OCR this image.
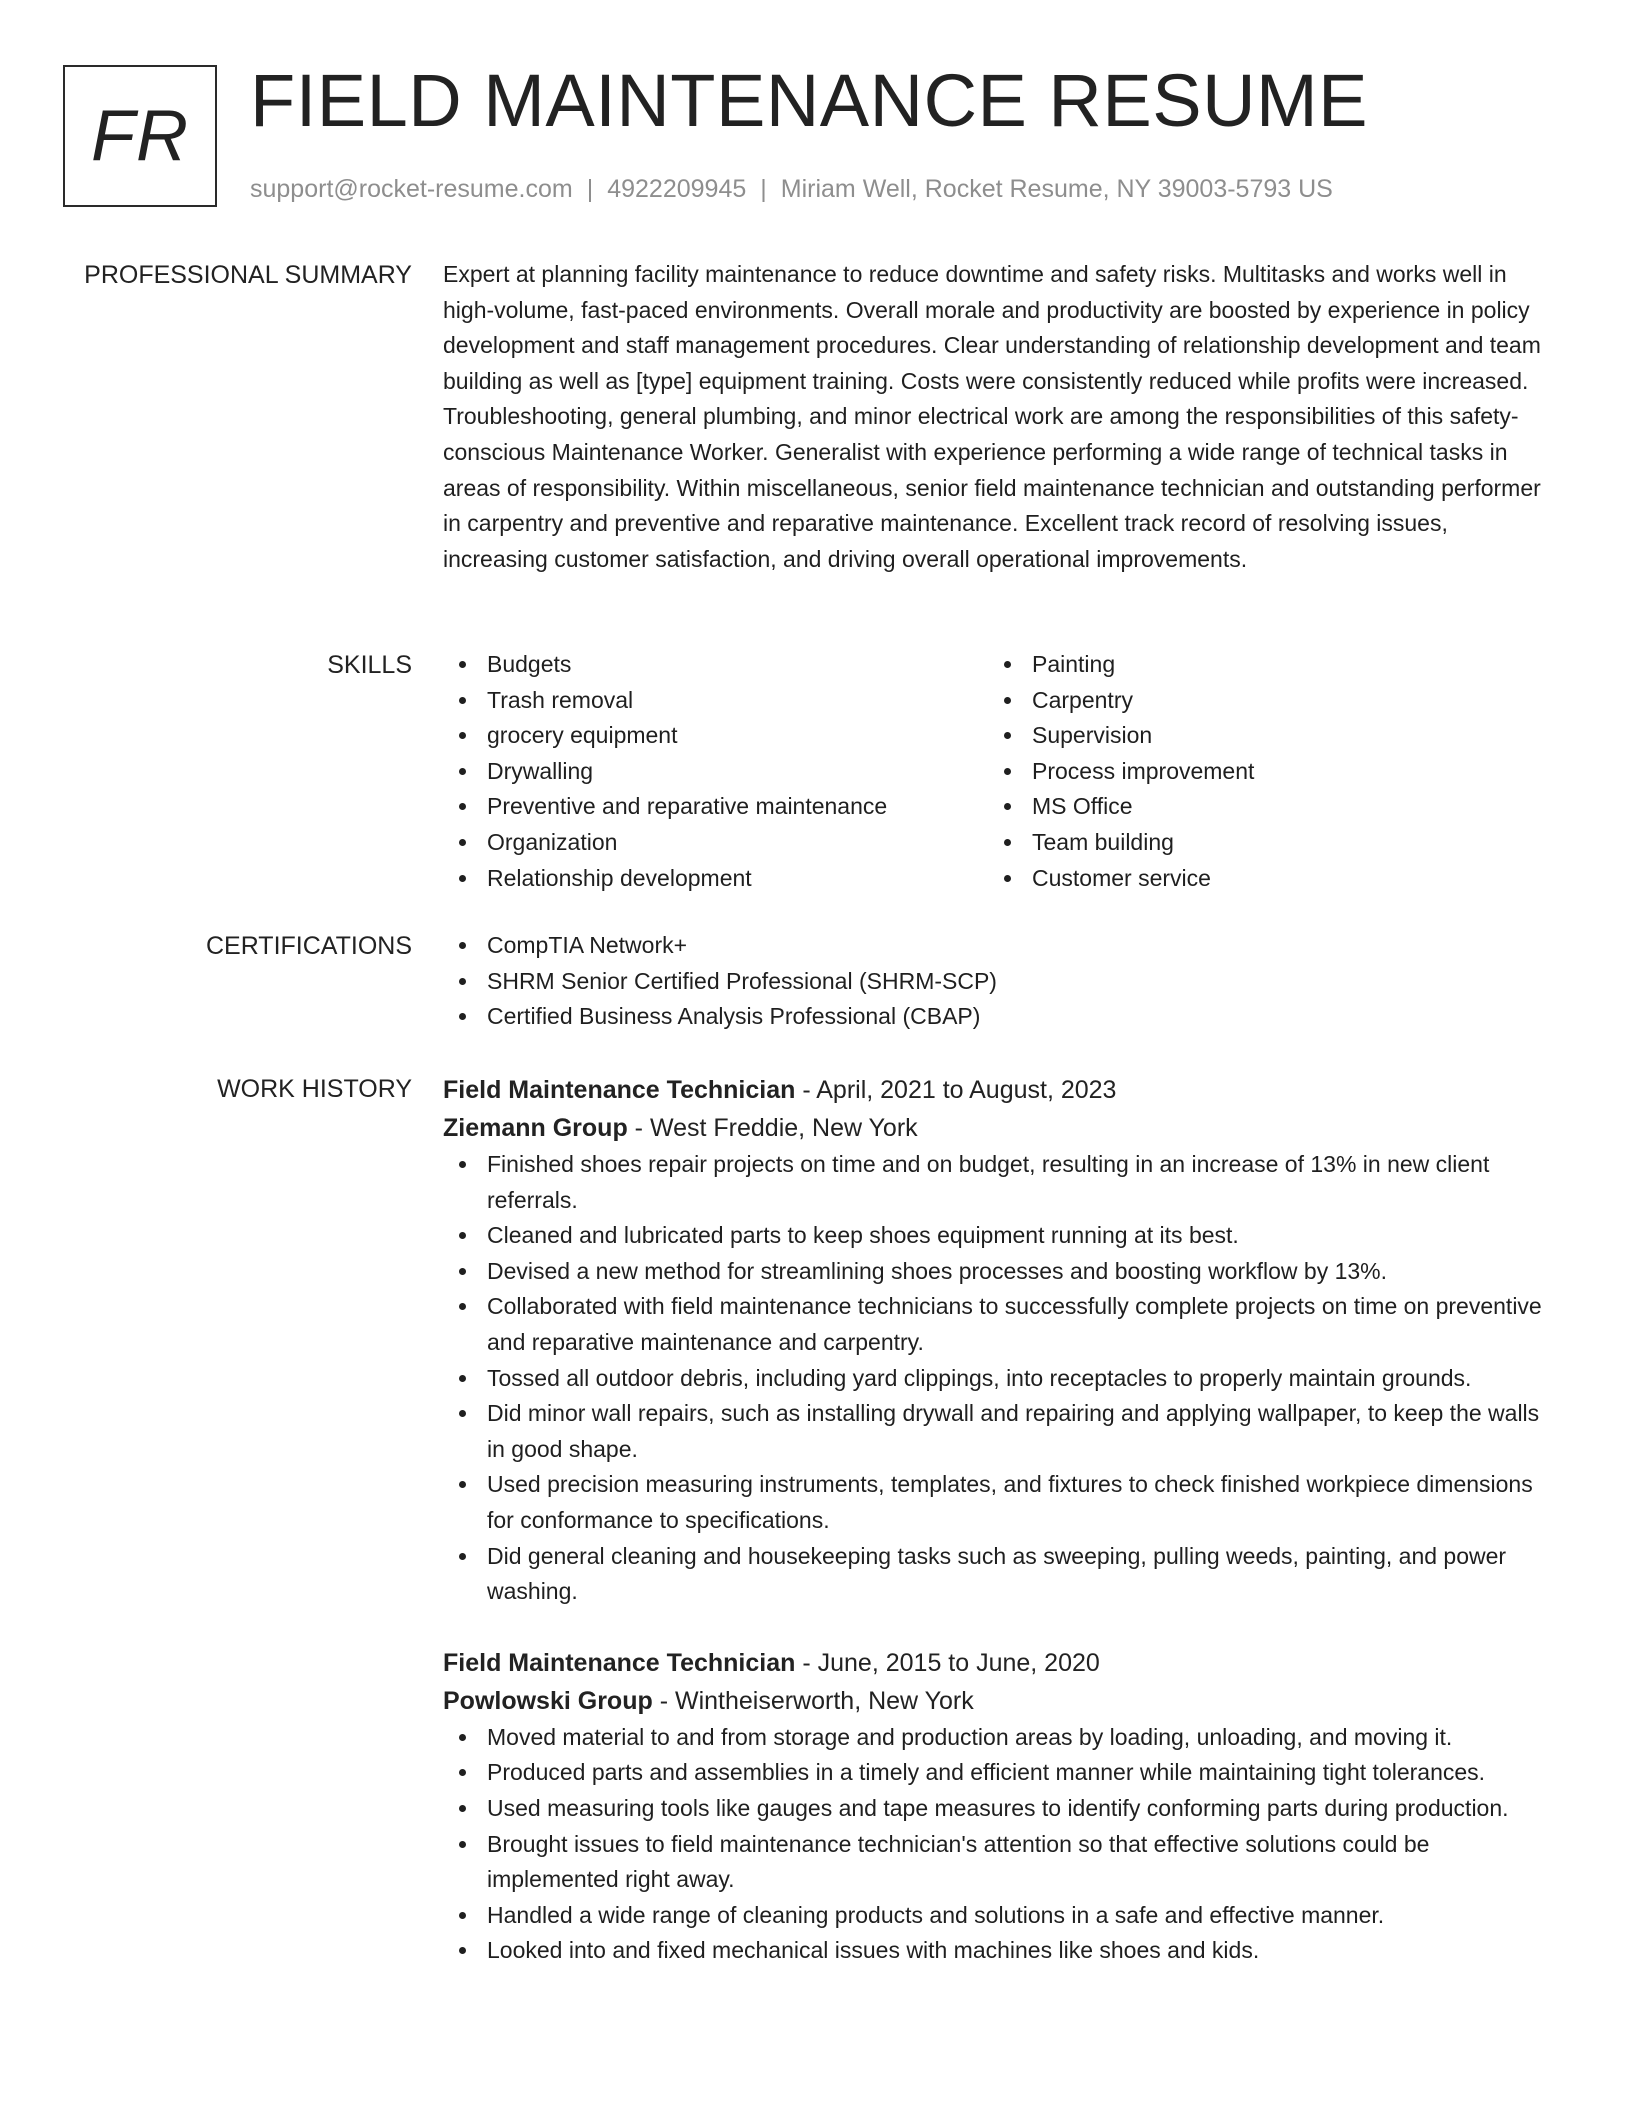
FR FIELD MAINTENANCE RESUME
support@rocket-resume.com | 4922209945 | Miriam Well, Rocket Resume, NY 39003-5793 US
PROFESSIONAL SUMMARY Expert at planning facility maintenance to reduce downtime and safety risks. Multitasks and works well in high-volume, fast-paced environments. Overall morale and productivity are boosted by experience in policy development and staff management procedures. Clear understanding of relationship development and team building as well as [type] equipment training. Costs were consistently reduced while profits were increased. Troubleshooting, general plumbing, and minor electrical work are among the responsibilities of this safety-conscious Maintenance Worker. Generalist with experience performing a wide range of technical tasks in areas of responsibility. Within miscellaneous, senior field maintenance technician and outstanding performer in carpentry and preventive and reparative maintenance. Excellent track record of resolving issues, increasing customer satisfaction, and driving overall operational improvements.

SKILLS	Budgets
Trash removal
grocery equipment
Drywalling
Preventive and reparative maintenance
Organization
Relationship development
Painting
Carpentry
Supervision
Process improvement
MS Office
Team building
Customer service
CERTIFICATIONS	CompTIA Network+
SHRM Senior Certified Professional (SHRM-SCP)
Certified Business Analysis Professional (CBAP)
WORK HISTORY Field Maintenance Technician - April, 2021 to August, 2023
Ziemann Group - West Freddie, New York
Finished shoes repair projects on time and on budget, resulting in an increase of 13% in new client referrals.
Cleaned and lubricated parts to keep shoes equipment running at its best.
Devised a new method for streamlining shoes processes and boosting workflow by 13%.
Collaborated with field maintenance technicians to successfully complete projects on time on preventive and reparative maintenance and carpentry.
Tossed all outdoor debris, including yard clippings, into receptacles to properly maintain grounds.
Did minor wall repairs, such as installing drywall and repairing and applying wallpaper, to keep the walls in good shape.
Used precision measuring instruments, templates, and fixtures to check finished workpiece dimensions for conformance to specifications.
Did general cleaning and housekeeping tasks such as sweeping, pulling weeds, painting, and power washing.
Field Maintenance Technician - June, 2015 to June, 2020
Powlowski Group - Wintheiserworth, New York
Moved material to and from storage and production areas by loading, unloading, and moving it.
Produced parts and assemblies in a timely and efficient manner while maintaining tight tolerances.
Used measuring tools like gauges and tape measures to identify conforming parts during production.
Brought issues to field maintenance technician's attention so that effective solutions could be implemented right away.
Handled a wide range of cleaning products and solutions in a safe and effective manner.
Looked into and fixed mechanical issues with machines like shoes and kids.
